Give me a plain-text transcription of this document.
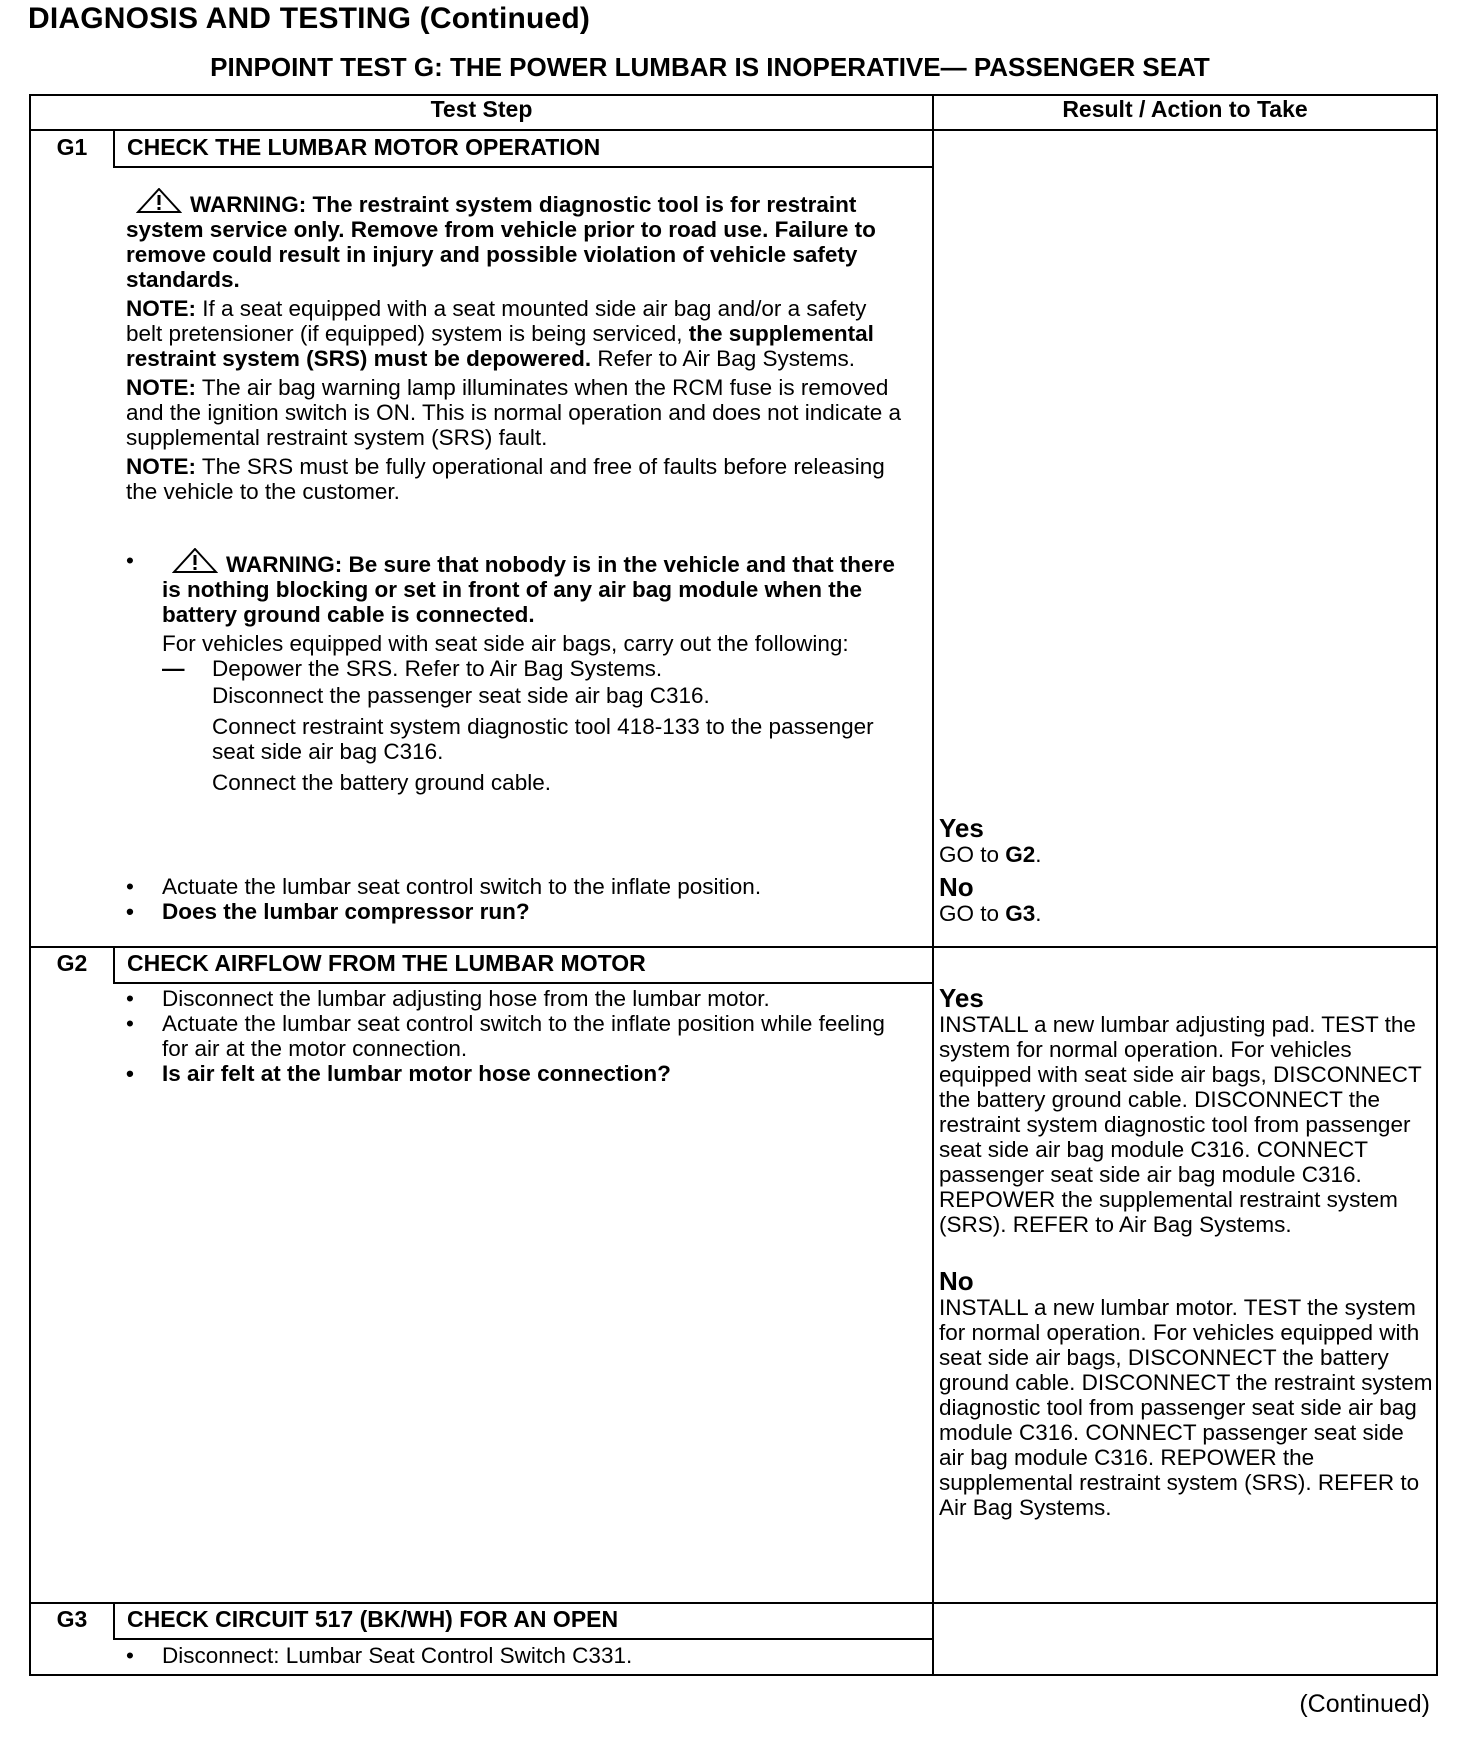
DIAGNOSIS AND TESTING (Continued)
PINPOINT TEST G: THE POWER LUMBAR IS INOPERATIVE— PASSENGER SEAT
Test Step	Result / Action to Take
G1	CHECK THE LUMBAR MOTOR OPERATION
WARNING: The restraint system diagnostic tool is for restraint system service only. Remove from vehicle prior to road use. Failure to remove could result in injury and possible violation of vehicle safety standards.
NOTE: If a seat equipped with a seat mounted side air bag and/or a safety belt pretensioner (if equipped) system is being serviced, the supplemental restraint system (SRS) must be depowered. Refer to Air Bag Systems.
NOTE: The air bag warning lamp illuminates when the RCM fuse is removed and the ignition switch is ON. This is normal operation and does not indicate a supplemental restraint system (SRS) fault.
NOTE: The SRS must be fully operational and free of faults before releasing the vehicle to the customer.
•	WARNING: Be sure that nobody is in the vehicle and that there is nothing blocking or set in front of any air bag module when the battery ground cable is connected.
For vehicles equipped with seat side air bags, carry out the following:
— Depower the SRS. Refer to Air Bag Systems.
Disconnect the passenger seat side air bag C316.
Connect restraint system diagnostic tool 418-133 to the passenger seat side air bag C316.
Connect the battery ground cable.
• Actuate the lumbar seat control switch to the inflate position.
• Does the lumbar compressor run?
Yes
GO to G2.
No
GO to G3.
G2	CHECK AIRFLOW FROM THE LUMBAR MOTOR
• Disconnect the lumbar adjusting hose from the lumbar motor.
• Actuate the lumbar seat control switch to the inflate position while feeling for air at the motor connection.
• Is air felt at the lumbar motor hose connection?
Yes
INSTALL a new lumbar adjusting pad. TEST the system for normal operation. For vehicles equipped with seat side air bags, DISCONNECT the battery ground cable. DISCONNECT the restraint system diagnostic tool from passenger seat side air bag module C316. CONNECT passenger seat side air bag module C316. REPOWER the supplemental restraint system (SRS). REFER to Air Bag Systems.
No
INSTALL a new lumbar motor. TEST the system for normal operation. For vehicles equipped with seat side air bags, DISCONNECT the battery ground cable. DISCONNECT the restraint system diagnostic tool from passenger seat side air bag module C316. CONNECT passenger seat side air bag module C316. REPOWER the supplemental restraint system (SRS). REFER to Air Bag Systems.
G3	CHECK CIRCUIT 517 (BK/WH) FOR AN OPEN
• Disconnect: Lumbar Seat Control Switch C331.
(Continued)
